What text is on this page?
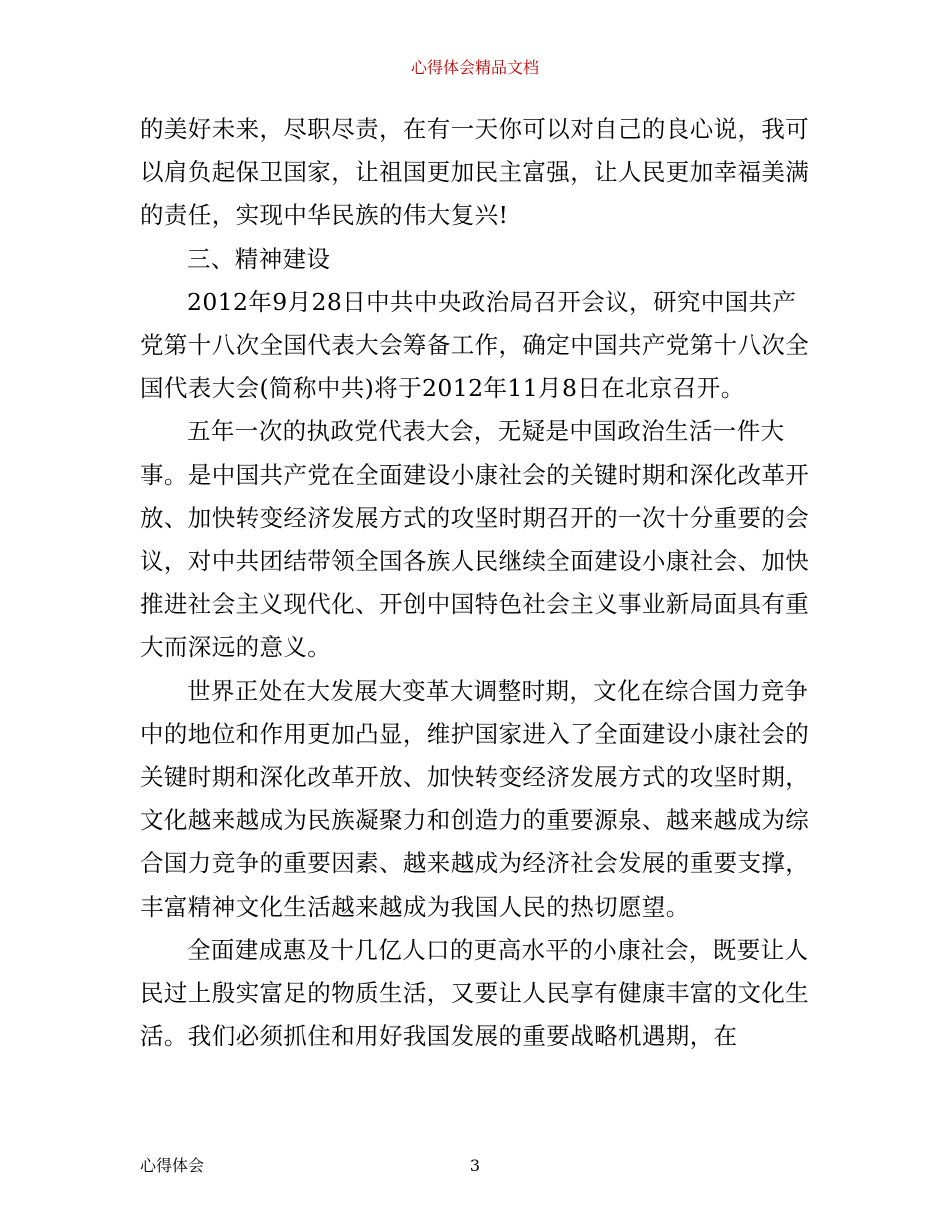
心得体会精品文档

的美好未来，尽职尽责，在有一天你可以对自己的良心说，我可以肩负起保卫国家，让祖国更加民主富强，让人民更加幸福美满的责任，实现中华民族的伟大复兴!

三、精神建设

2012年9月28日中共中央政治局召开会议，研究中国共产党第十八次全国代表大会筹备工作，确定中国共产党第十八次全国代表大会(简称中共)将于2012年11月8日在北京召开。

五年一次的执政党代表大会，无疑是中国政治生活一件大事。是中国共产党在全面建设小康社会的关键时期和深化改革开放、加快转变经济发展方式的攻坚时期召开的一次十分重要的会议，对中共团结带领全国各族人民继续全面建设小康社会、加快推进社会主义现代化、开创中国特色社会主义事业新局面具有重大而深远的意义。

世界正处在大发展大变革大调整时期，文化在综合国力竞争中的地位和作用更加凸显，维护国家进入了全面建设小康社会的关键时期和深化改革开放、加快转变经济发展方式的攻坚时期，文化越来越成为民族凝聚力和创造力的重要源泉、越来越成为综合国力竞争的重要因素、越来越成为经济社会发展的重要支撑，丰富精神文化生活越来越成为我国人民的热切愿望。

全面建成惠及十几亿人口的更高水平的小康社会，既要让人民过上殷实富足的物质生活，又要让人民享有健康丰富的文化生活。我们必须抓住和用好我国发展的重要战略机遇期，在

心得体会	3
